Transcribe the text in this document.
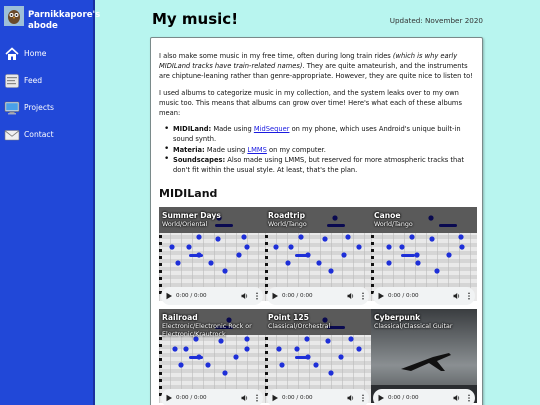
Parnikkapore's abode
Home
Feed
Projects
Contact
My music!	Updated: November 2020

I also make some music in my free time, often during long train rides (which is why early MIDILand tracks have train-related names). They are quite amateurish, and the instruments are chiptune-leaning rather than genre-appropriate. However, they are quite nice to listen to!

I used albums to categorize music in my collection, and the system leaks over to my own music too. This means that albums can grow over time! Here's what each of these albums mean:

• MIDILand: Made using MidSequer on my phone, which uses Android's unique built-in sound synth.
• Materia: Made using LMMS on my computer.
• Soundscapes: Also made using LMMS, but reserved for more atmospheric tracks that don't fit within the usual style. At least, that's the plan.
MIDILand
Summer Days
World/Oriental
0:00 / 0:00
Roadtrip
World/Tango
0:00 / 0:00
Canoe
World/Tango
0:00 / 0:00
Railroad
Electronic/Electronic Rock or Electronic/Krautrock
0:00 / 0:00
Point 125
Classical/Orchestral
0:00 / 0:00
Cyberpunk
Classical/Classical Guitar
0:00 / 0:00
